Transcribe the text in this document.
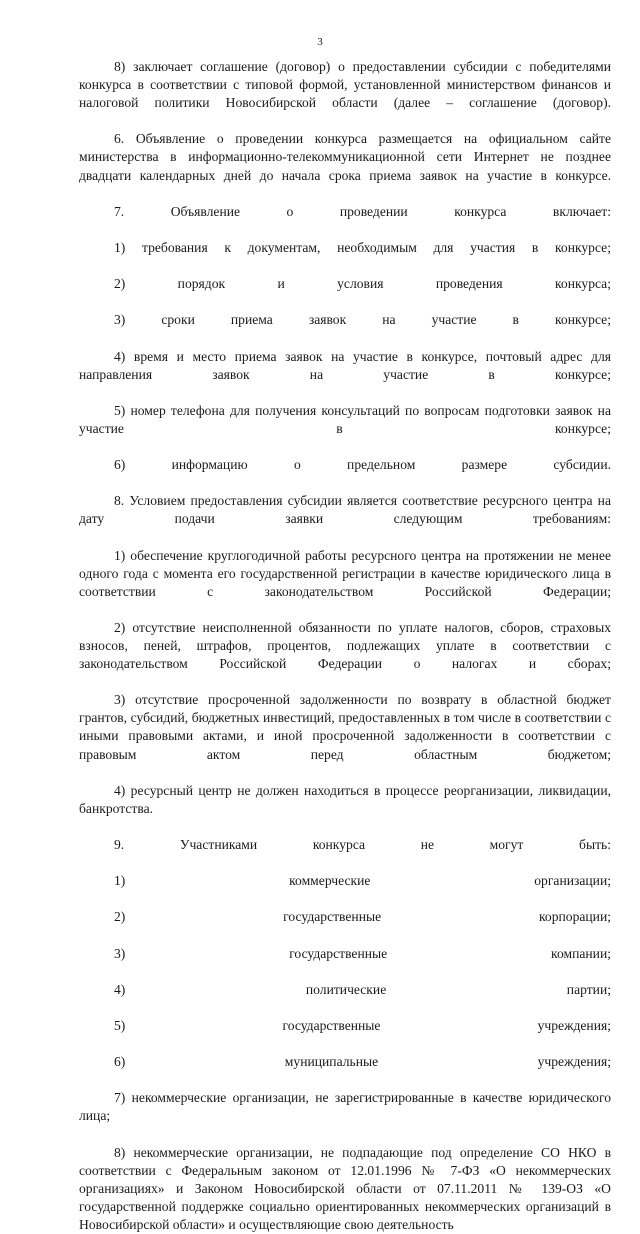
3

8) заключает соглашение (договор) о предоставлении субсидии с победителями конкурса в соответствии с типовой формой, установленной министерством финансов и налоговой политики Новосибирской области (далее – соглашение (договор).

6. Объявление о проведении конкурса размещается на официальном сайте министерства в информационно-телекоммуникационной сети Интернет не позднее двадцати календарных дней до начала срока приема заявок на участие в конкурсе.

7. Объявление о проведении конкурса включает:

1) требования к документам, необходимым для участия в конкурсе;

2) порядок и условия проведения конкурса;

3) сроки приема заявок на участие в конкурсе;

4) время и место приема заявок на участие в конкурсе, почтовый адрес для направления заявок на участие в конкурсе;

5) номер телефона для получения консультаций по вопросам подготовки заявок на участие в конкурсе;

6) информацию о предельном размере субсидии.

8. Условием предоставления субсидии является соответствие ресурсного центра на дату подачи заявки следующим требованиям:

1) обеспечение круглогодичной работы ресурсного центра на протяжении не менее одного года с момента его государственной регистрации в качестве юридического лица в соответствии с законодательством Российской Федерации;

2) отсутствие неисполненной обязанности по уплате налогов, сборов, страховых взносов, пеней, штрафов, процентов, подлежащих уплате в соответствии с законодательством Российской Федерации о налогах и сборах;

3) отсутствие просроченной задолженности по возврату в областной бюджет грантов, субсидий, бюджетных инвестиций, предоставленных в том числе в соответствии с иными правовыми актами, и иной просроченной задолженности в соответствии с правовым актом перед областным бюджетом;

4) ресурсный центр не должен находиться в процессе реорганизации, ликвидации, банкротства.

9. Участниками конкурса не могут быть:

1) коммерческие организации;

2) государственные корпорации;

3) государственные компании;

4) политические партии;

5) государственные учреждения;

6) муниципальные учреждения;

7) некоммерческие организации, не зарегистрированные в качестве юридического лица;

8) некоммерческие организации, не подпадающие под определение СО НКО в соответствии с Федеральным законом от 12.01.1996 № 7-ФЗ «О некоммерческих организациях» и Законом Новосибирской области от 07.11.2011 № 139-ОЗ «О государственной поддержке социально ориентированных некоммерческих организаций в Новосибирской области» и осуществляющие свою деятельность
